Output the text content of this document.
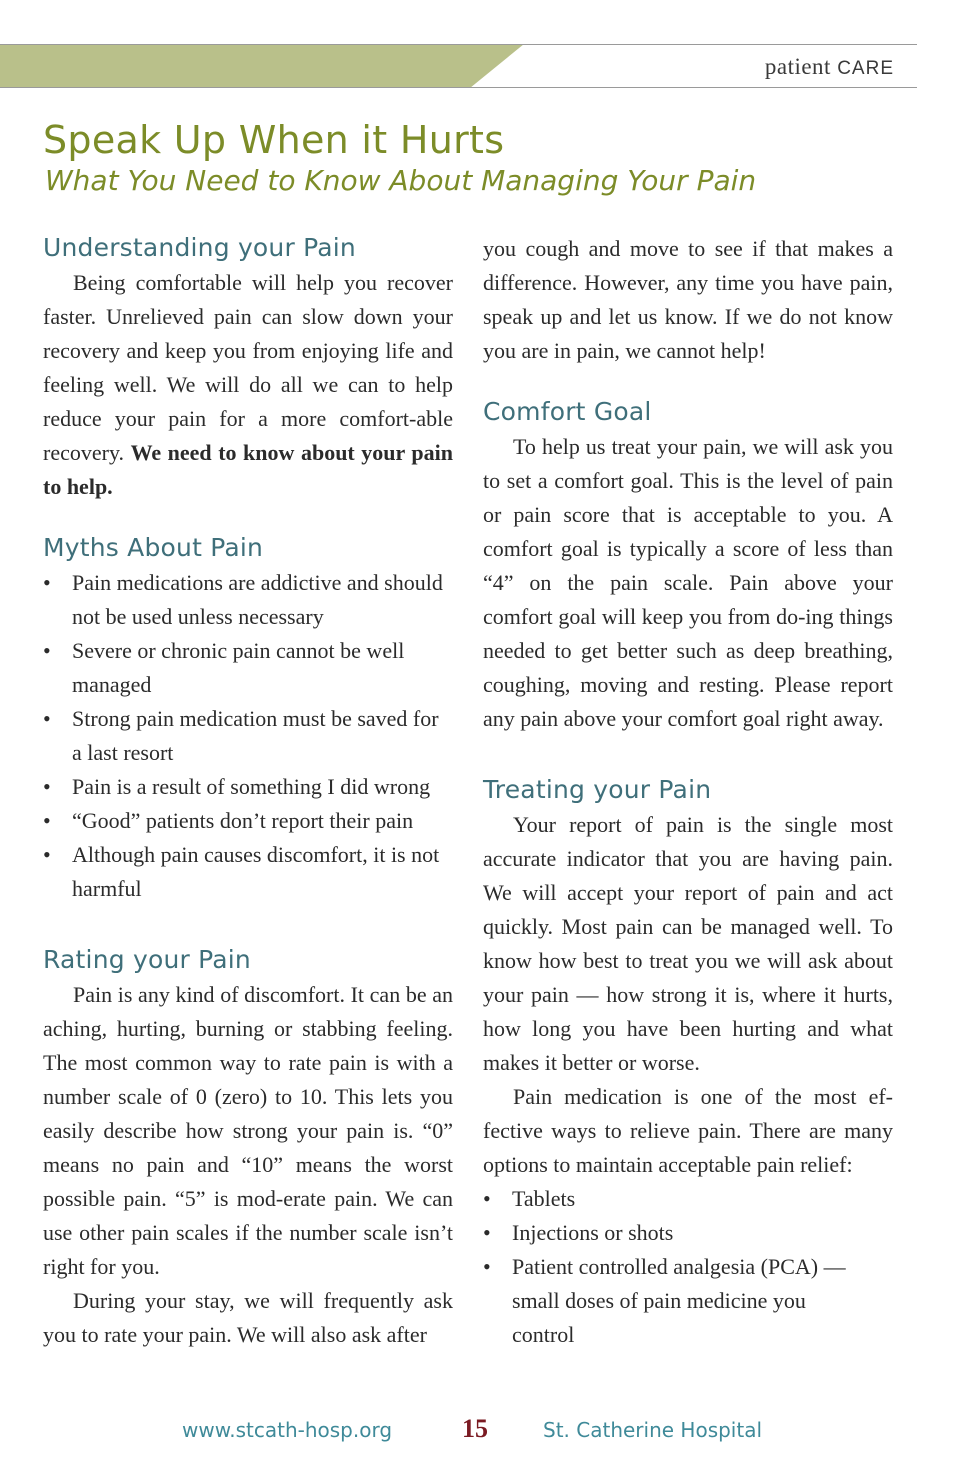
patient CARE
Speak Up When it Hurts
What You Need to Know About Managing Your Pain
Understanding your Pain

Being comfortable will help you recover faster. Unrelieved pain can slow down your recovery and keep you from enjoying life and feeling well. We will do all we can to help reduce your pain for a more comfort-able recovery. We need to know about your pain to help.

Myths About Pain
• Pain medications are addictive and should not be used unless necessary
• Severe or chronic pain cannot be well managed
• Strong pain medication must be saved for a last resort
• Pain is a result of something I did wrong
• “Good” patients don’t report their pain
• Although pain causes discomfort, it is not harmful
Rating your Pain

Pain is any kind of discomfort. It can be an aching, hurting, burning or stabbing feeling. The most common way to rate pain is with a number scale of 0 (zero) to 10. This lets you easily describe how strong your pain is. “0” means no pain and “10” means the worst possible pain. “5” is mod-erate pain. We can use other pain scales if the number scale isn’t right for you.

During your stay, we will frequently ask you to rate your pain. We will also ask after

you cough and move to see if that makes a difference. However, any time you have pain, speak up and let us know. If we do not know you are in pain, we cannot help!

Comfort Goal

To help us treat your pain, we will ask you to set a comfort goal. This is the level of pain or pain score that is acceptable to you. A comfort goal is typically a score of less than “4” on the pain scale. Pain above your comfort goal will keep you from do-ing things needed to get better such as deep breathing, coughing, moving and resting. Please report any pain above your comfort goal right away.

Treating your Pain

Your report of pain is the single most accurate indicator that you are having pain. We will accept your report of pain and act quickly. Most pain can be managed well. To know how best to treat you we will ask about your pain — how strong it is, where it hurts, how long you have been hurting and what makes it better or worse.

Pain medication is one of the most ef-fective ways to relieve pain. There are many options to maintain acceptable pain relief:

• Tablets
• Injections or shots
• Patient controlled analgesia (PCA) — small doses of pain medicine you control
www.stcath-hosp.org	15	St. Catherine Hospital
